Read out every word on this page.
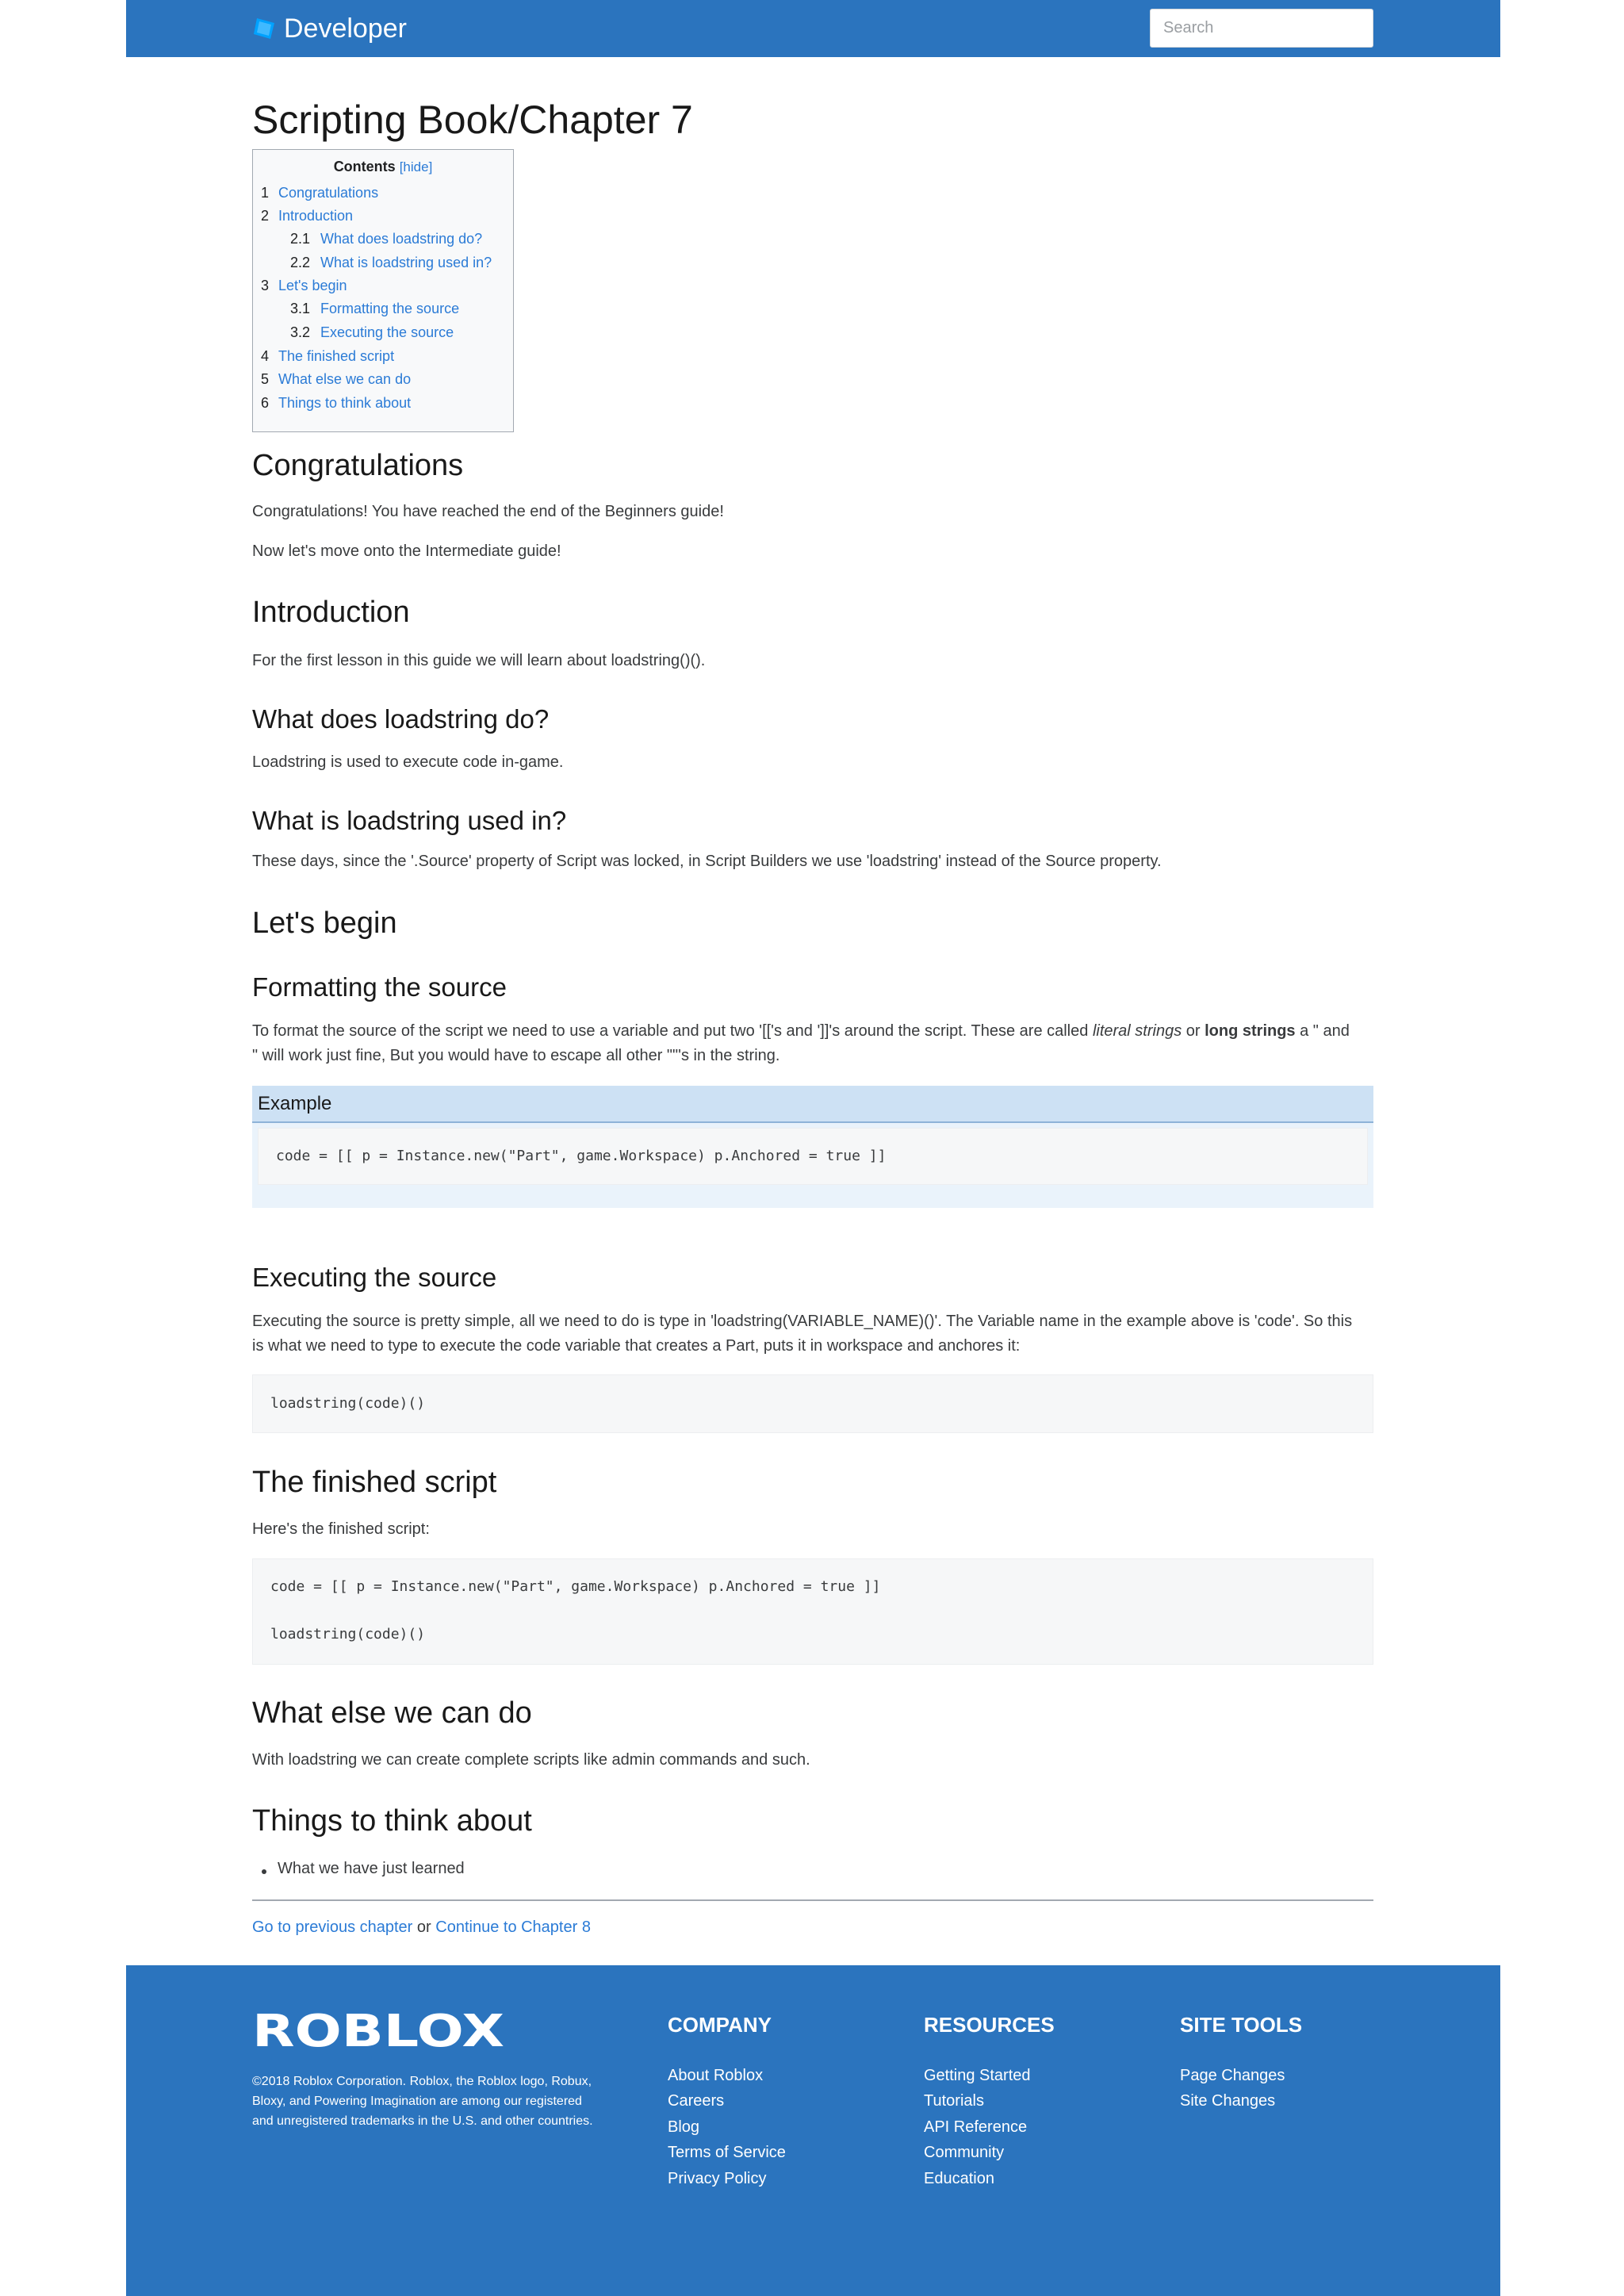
Developer
Search
Scripting Book/Chapter 7
Contents [hide]
1 Congratulations
2 Introduction
2.1 What does loadstring do?
2.2 What is loadstring used in?
3 Let's begin
3.1 Formatting the source
3.2 Executing the source
4 The finished script
5 What else we can do
6 Things to think about
Congratulations
Congratulations! You have reached the end of the Beginners guide!
Now let's move onto the Intermediate guide!
Introduction
For the first lesson in this guide we will learn about loadstring()().
What does loadstring do?
Loadstring is used to execute code in-game.
What is loadstring used in?
These days, since the '.Source' property of Script was locked, in Script Builders we use 'loadstring' instead of the Source property.
Let's begin
Formatting the source
To format the source of the script we need to use a variable and put two '[['s and ']]'s around the script. These are called literal strings or long strings a " and
" will work just fine, But you would have to escape all other ""'s in the string.
Example

code = [[ p = Instance.new("Part", game.Workspace) p.Anchored = true ]]

Executing the source
Executing the source is pretty simple, all we need to do is type in 'loadstring(VARIABLE_NAME)()'. The Variable name in the example above is 'code'. So this
is what we need to type to execute the code variable that creates a Part, puts it in workspace and anchores it:

loadstring(code)()

The finished script
Here's the finished script:

code = [[ p = Instance.new("Part", game.Workspace) p.Anchored = true ]]

loadstring(code)()

What else we can do
With loadstring we can create complete scripts like admin commands and such.
Things to think about
What we have just learned
Go to previous chapter or Continue to Chapter 8
ROBLOX
©2018 Roblox Corporation. Roblox, the Roblox logo, Robux,
Bloxy, and Powering Imagination are among our registered
and unregistered trademarks in the U.S. and other countries.
COMPANY
About Roblox
Careers
Blog
Terms of Service
Privacy Policy
RESOURCES
Getting Started
Tutorials
API Reference
Community
Education
SITE TOOLS
Page Changes
Site Changes
